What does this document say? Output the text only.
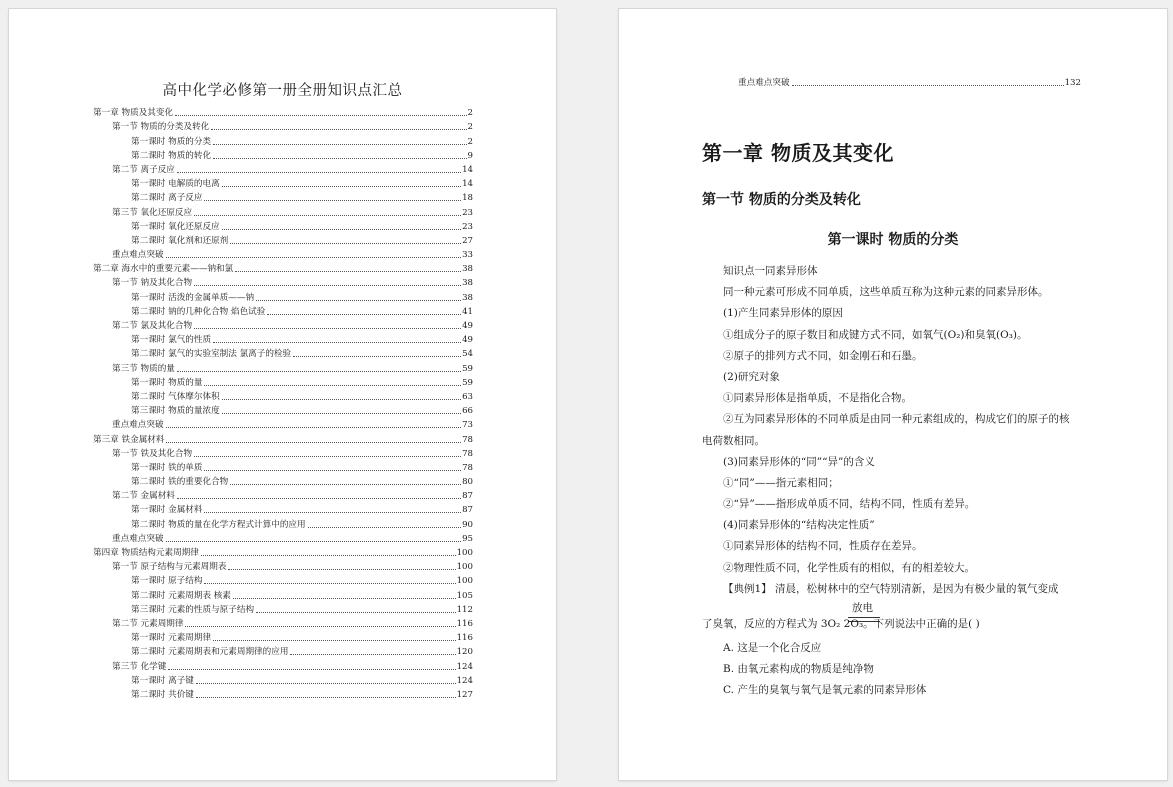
高中化学必修第一册全册知识点汇总
第一章 物质及其变化	2
第一节 物质的分类及转化	2
第一课时 物质的分类	2
第二课时 物质的转化	9
第二节 离子反应	14
第一课时 电解质的电离	14
第二课时 离子反应	18
第三节 氧化还原反应	23
第一课时 氧化还原反应	23
第二课时 氧化剂和还原剂	27
重点难点突破	33
第二章 海水中的重要元素——钠和氯	38
第一节 钠及其化合物	38
第一课时 活泼的金属单质——钠	38
第二课时 钠的几种化合物 焰色试验	41
第二节 氯及其化合物	49
第一课时 氯气的性质	49
第二课时 氯气的实验室制法 氯离子的检验	54
第三节 物质的量	59
第一课时 物质的量	59
第二课时 气体摩尔体积	63
第三课时 物质的量浓度	66
重点难点突破	73
第三章 铁金属材料	78
第一节 铁及其化合物	78
第一课时 铁的单质	78
第二课时 铁的重要化合物	80
第二节 金属材料	87
第一课时 金属材料	87
第二课时 物质的量在化学方程式计算中的应用	90
重点难点突破	95
第四章 物质结构元素周期律	100
第一节 原子结构与元素周期表	100
第一课时 原子结构	100
第二课时 元素周期表 核素	105
第三课时 元素的性质与原子结构	112
第二节 元素周期律	116
第一课时 元素周期律	116
第二课时 元素周期表和元素周期律的应用	120
第三节 化学键	124
第一课时 离子键	124
第二课时 共价键	127
重点难点突破	132
第一章 物质及其变化
第一节 物质的分类及转化
第一课时 物质的分类
知识点一同素异形体
同一种元素可形成不同单质，这些单质互称为这种元素的同素异形体。
(1)产生同素异形体的原因
①组成分子的原子数目和成键方式不同，如氧气(O₂)和臭氧(O₃)。
②原子的排列方式不同，如金刚石和石墨。
(2)研究对象
①同素异形体是指单质，不是指化合物。
②互为同素异形体的不同单质是由同一种元素组成的，构成它们的原子的核
电荷数相同。
(3)同素异形体的“同”“异”的含义
①“同”——指元素相同；
②“异”——指形成单质不同，结构不同，性质有差异。
(4)同素异形体的“结构决定性质”
①同素异形体的结构不同，性质存在差异。
②物理性质不同，化学性质有的相似，有的相差较大。
【典例1】 清晨，松树林中的空气特别清新，是因为有极少量的氧气变成
放电
了臭氧，反应的方程式为 3O₂ 2O₃。下列说法中正确的是( )
A. 这是一个化合反应
B. 由氧元素构成的物质是纯净物
C. 产生的臭氧与氧气是氧元素的同素异形体
